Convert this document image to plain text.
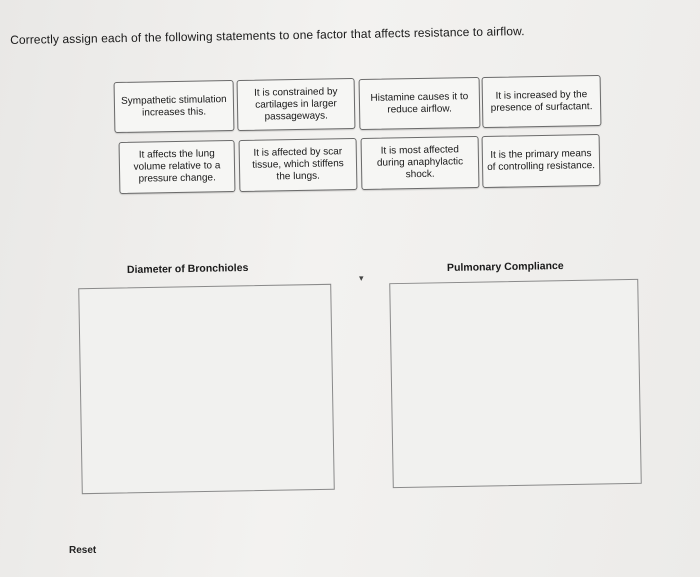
Correctly assign each of the following statements to one factor that affects resistance to airflow.
Sympathetic stimulation increases this.
It is constrained by cartilages in larger passageways.
Histamine causes it to reduce airflow.
It is increased by the presence of surfactant.
It affects the lung volume relative to a pressure change.
It is affected by scar tissue, which stiffens the lungs.
It is most affected during anaphylactic shock.
It is the primary means of controlling resistance.
Diameter of Bronchioles	Pulmonary Compliance
▾
Reset
